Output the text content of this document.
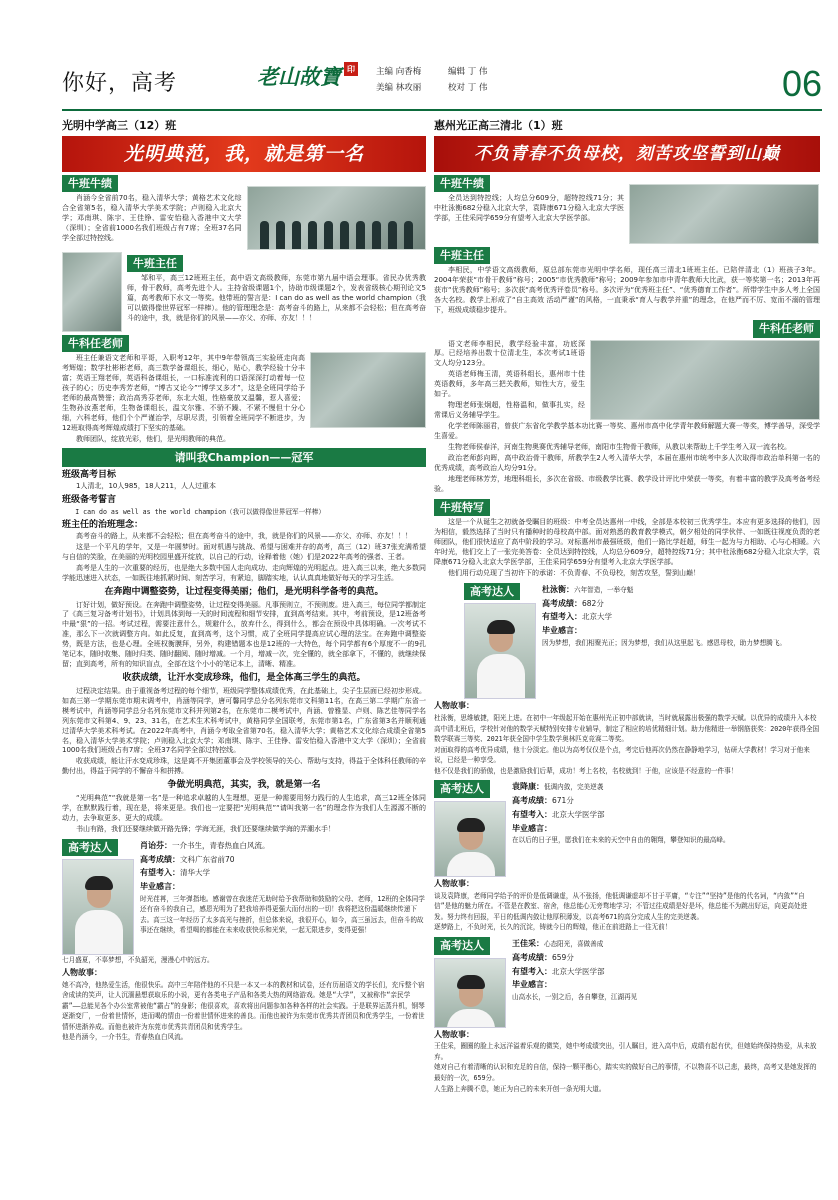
你好，高考	老山故寶 印	主编 向香梅	编辑 丁 伟
美编 林攻丽	校对 丁 伟	06
光明中学高三（12）班
光明典范，我，就是第一名
牛班牛绩

肖涵今全省前70名，稳入清华大学；黄格艺术文化综合全省第5名，稳入清华大学美术学院；卢则稳入北京大学；邓南琪、陈宇、王佳铮、雷安怡稳入香港中文大学（深圳）；全省前1000名我们班级占有7席；全班37名同学全部过特控线。

牛班主任

邹和平，高三12班班主任，高中语文高级教师，东莞市第九届中语会理事。省民办优秀教师，骨干教师，高考先进个人。主持省级课题1个，协助市级课题2个，发表省级核心期刊论文5篇，高考教师下水文一等奖。他带班的誓言是：I can do as well as the world champion（我可以做得像世界冠军一样棒）。他的管理理念是：高考奋斗的路上，从来都不会轻松；但在高考奋斗的途中，我，就是你们的风景——亦父、亦师、亦友！！！

牛科任老师

班主任兼语文老师和平哥，入职考12年，其中9年带领高三实验班走向高考辉煌；数学杜彬彬老师，高三数学备课组长，细心，贴心，教学经验十分丰富；英语王翔老师，英语科备课组长，一口标准流利的口语深深打动着每一位孩子的心；历史李秀芳老师，“博古又论今”“博学又多才”，这是全班同学给予老师的最高赞誉；政治高秀芬老师，东北大姐，性格豪放又温馨，惹人喜爱；生物孙汝燕老师，生物备课组长，温文尔雅、不骄不躁、不紧不慢但十分心细，六科老师，他们个个严谨治学，尽职尽责，引领着全班同学不断进步，为12班取得高考辉煌成绩打下坚实的基础。

教师团队，绽放光彩，他们，是光明教师的典范。

请叫我Champion——冠军
班级高考目标

1人清北，10人985，18人211，人人过重本

班级备考誓言

I can do as well as the world champion（我可以做得像世界冠军一样棒）

班主任的治班理念：

高考奋斗的路上，从来都不会轻松；但在高考奋斗的途中，我，就是你们的风景——亦父、亦师、亦友！！！

这是一个平凡的学年，又是一年圆梦时。面对机遇与挑战、希望与困难并存的高考，高三（12）班37张充满希望与自信的笑脸，在美丽的光明校园里盛开绽放，以自己的行动，诠释着他（她）们是2022年高考的强者、王者。

高考是人生的一次重要的经历，也是绝大多数中国人走向成功、走向辉煌的光明起点。进入高三以来，绝大多数同学能迅速进入状态，一如既往地抓紧时间、刻苦学习，有紧迫，脚踏实地，认认真真地做好每天的学习生活。

在奔跑中调整姿势，让过程变得美丽；他们，是光明科学备考的典范。

订好计划，做好预设。在奔跑中调整姿势，让过程变得美丽。凡事预则立，不预则废。进入高三，每位同学都制定了《高三复习备考计划书》，计划具体到每一天的时间流程和细节安排，直到高考结束。其中，考前预设，是12班备考中最“狠”的一招。考试过程，需要注意什么，规避什么，放弃什么，得到什么，都会在预设中具体明确。一次考试不准，那么下一次就调整方向。如此反复，直到高考，这个习惯，成了全班同学提高应试心理的法宝。在奔跑中调整姿势，既是方法，也是心理。全班权衡膜拜，另外，构建错题本也是12班的一大特色，每个同学都有6个厚度不一的9孔笔记本，随时收集、随时归类、随时翻阅、随时增减。一个月，增减一次，完全懂的，就全部拿下，不懂的，就继续保留；直到高考，所有的知识盲点，全部在这个小小的笔记本上，清晰、精准。

收获成绩，让汗水变成珍珠，他们，是全体高三学生的典范。

过程决定结果。由于重视备考过程的每个细节，班级同学整体成绩优秀，在此基础上，尖子生层面已经初步形成。如高三第一学期东莞市期末调考中，肖涵等同学，唐可馨同学总分名列东莞市文科第11名，在高三第二学期广东省一模考试中，肖涵等同学总分名列东莞市文科并列第2名，在东莞市二模考试中，肖涵、曾雅显、卢则、陈艺佳等同学名列东莞市文科第4、9、23、31名，在艺术生术科考试中，黄格同学全国联考，东莞市第1名，广东省第3名并顺利通过清华大学美术科考试。在2022年高考中，肖涵今考取全省第70名，稳入清华大学；黄格艺术文化综合成绩全省第5名，稳入清华大学美术学院；卢则稳入北京大学；邓南琪、陈宇、王佳铮、雷安怡稳入香港中文大学（深圳）；全省前1000名我们班级占有7席；全班37名同学全部过特控线。

收获成绩，能让汗水变成珍珠，这是离不开集团董事会及学校领导的关心、帮助与支持，得益于全体科任教师的辛勤付出，得益于同学的不懈奋斗和拼搏。

争做光明典范，其实，我，就是第一名

“光明典范”“我就是第一名”是一种追求卓越的人生理想，更是一种需要用努力践行的人生追求，高三12班全体同学，在默默践行着，现在是，将来更是。我们也一定要把“光明典范”“请叫我第一名”的理念作为我们人生源源不断的动力，去争取更多、更大的成绩。

书山有路，我们还要继续做开路先锋；学海无涯，我们还要继续做学海的弄潮水手！

高考达人	肖诒芬：一介书生，青春热血白风流。
高考成绩：文科广东省前70
有望考入：清华大学
毕业感言：
时光荏苒，三年弹指地。感谢曾在我迷茫无助时给予我帮助和鼓励的父母、老师，12班的全体同学还有奋斗的我自己，感恩光明为了把我培养得更强大而付出的一切！我将把这份温暖继续传递下去。高三这一年经历了太多高光与挫折，但总体来说，我很开心，如今，高三虽远去，但奋斗的故事还在继续，希望喝的都能在未来收获快乐和光荣，一起无限进步，变得更强！
七月盛夏，不辜梦想，不负韶光，漫漫心中的远方。
人物故事：
她不高冷，他热爱生活，他很快乐。高中三年陪伴他的不只是一本又一本的教材和试卷，还有历届语文的学长们，充斥整个宿舍成读的笑声，让人沉湎悬想获取乐的小说，更有各类电子产品和各类大热的网络游戏。她是“大学”，又被称作“亲民学霸”——总能见各个办公室常被他“霸占”的身影；他很喜欢，喜欢将出问题参加各种各样的社会实践。于是联界运蒸升机，钢琴逐渐变厂，一份着世情怀，进而喝的情由一份着世情怀进来的善良。而他也被许为东莞市优秀共青团员和优秀学生，一份着世情怀进渐养成。而他也被许为东莞市优秀共青团员和优秀学生。
他是肖涵今，一介书生，青春热血白风流。
惠州光正高三清北（1）班
不负青春不负母校，刻苦攻坚誓到山巅
牛班牛绩

全员达到特控线；人均总分609分，超特控线71分；其中杜泳衡682分稳入北京大学，袁降康671分稳入北京大学医学部，王佳采同学659分有望考入北京大学医学部。

牛班主任

李相民，中学语文高级教师，原总部东莞市光明中学名师，现任高三清北1班班主任。已陪伴清北（1）班孩子3年。2004年荣获“市骨干教师”称号；2005“市优秀教师”称号；2009年参加市中青年教师大比武，获一等奖第一名；2013年再获市“优秀教师”称号；多次获“高考优秀评卷员”称号。多次评为“优秀班主任”、“优秀德育工作者”。所带学生中多人考上全国各大名校。教学上形成了“自主高效 活动严谨”的风格，一直秉承“育人与教学并重”的理念，在他严而不厉、宽而不溺的管理下，班级成绩稳步提升。

牛科任老师

语文老师李相民，教学经验丰富，功底深厚。已经培养出数十位清北生，本次考试1班语文人均分123分。

英语老师梅玉清，英语科组长，惠州市十佳英语教师，多年高三把关教师，知性大方，爱生如子。

物理老师张炯超，性格温和，做事扎实，经常课后义务辅导学生。

化学老师陈丽君，曾获广东省化学教学基本功比赛一等奖、惠州市高中化学青年教师解题大赛一等奖，博学善导，深受学生喜爱。

生物老师侯春洋，河南生物奥赛优秀辅导老师，南阳市生物骨干教师，从教以来帮助上千学生考入双一流名校。

政治老师彭向晖，高中政治骨干教师，所教学生2人考入清华大学，本届在惠州市统考中多人次取得市政治单科第一名的优秀成绩，高考政治人均分91分。

地理老师林芳芳，地理科组长，多次在省级、市级教学比赛、教学设计评比中荣获一等奖，有着丰富的教学及高考备考经验。

牛班特写

这是一个从诞生之初就备受瞩目的班级：中考全员达惠州一中线，全部是本校初三优秀学生。本应有更多选择的他们，因为相信，毅然选择了当时只有播种时的母校高中部。面对熟悉的教育教学模式，朝夕相处的同学伙伴、一如既往视度负责的老师团队，他们很快适应了高中阶段的学习。对标惠州市最强班级，他们一路比学赶超，师生一起为与力相助、心与心相暖。六年时光，他们交上了一张完美答卷：全员达到特控线，人均总分609分，超特控线71分；其中杜泳衡682分稳入北京大学，袁降康671分稳入北京大学医学部，王佳采同学659分有望考入北京大学医学部。

他们用行动兑现了当初许下的承诺：不负青春、不负母校，刻苦攻坚，誓到山巅！

高考达人	杜泳衡：六年智造，一举夺魁
高考成绩：682分
有望考入：北京大学
毕业感言：
因为梦想，我们相聚光正；因为梦想，我们从这里起飞。感恩母校，助力梦想腾飞。
人物故事：
杜泳衡，思维敏捷，阳光上进。在初中一年级起开始在惠州光正初中部就读，当时就展露出极强的数学天赋。以优异的成绩升入本校高中清北班后，学校针对他的数学天赋特别安排专业辅导，制定了相应的培优精细计划。助力他精进一举钢筋获奖：2020年获得全国数学联赛三等奖、2021年获全国中学生数学奥林匹克竞赛二等奖。
对面取得的高考优异成绩，他十分淡定。他以为高考仅仅是个点，考完后他再次仍然在静静地学习，钻研大学教材！学习对于他来说，已经是一种享受。
他不仅是我们的骄傲，也是激励我们后辈，成功！考上名校，名校就到！于他，应该是不经意的一件事！
高考达人	袁降康：低调内敛，完美逆袭
高考成绩：671分
有望考入：北京大学医学部
毕业感言：
在以后的日子里，愿我们在未来的天空中自由的翱翔，攀登知识的最高峰。
人物故事：
谈及袁降康，老师同学给予的评价是低调谦虚，从不张扬，他低调谦虚却不甘于平庸，“专注”“坚持”是他的代名词，“内敛”“自信”是他的魅力所在。不管是在教室、宿舍，他总能心无旁骛地学习；不管过往成绩是好是坏，他总能不为跳出好运，向更高处进发。努力终有回报，平日的低调内敛让他厚积薄发，以高考671的高分完成人生的完美逆袭。
逐梦路上，不负时光，长久的沉淀，铸就今日的辉煌，他正在前进路上一往无前！
高考达人	王佳采：心态阳光，喜做善成
高考成绩：659分
有望考入：北京大学医学部
毕业感言：
山高水长，一别之后，各自攀登，江湖再见
人物故事：
王佳采，圈圈的脸上永远洋溢着乐观的微笑，她中考成绩突出，引人瞩目，进入高中后，成绩有起有伏，但她始终保持热爱，从未放弃。
她对自己有着清晰的认识和充足的自信，保持一颗平衡心，踏实实的做好自己的事情，不以物喜不以己悲，最终，高考又是她发挥的最好的一次，659分。
人生路上奔腾不息，她正为自己的未来开创一条光明大道。
